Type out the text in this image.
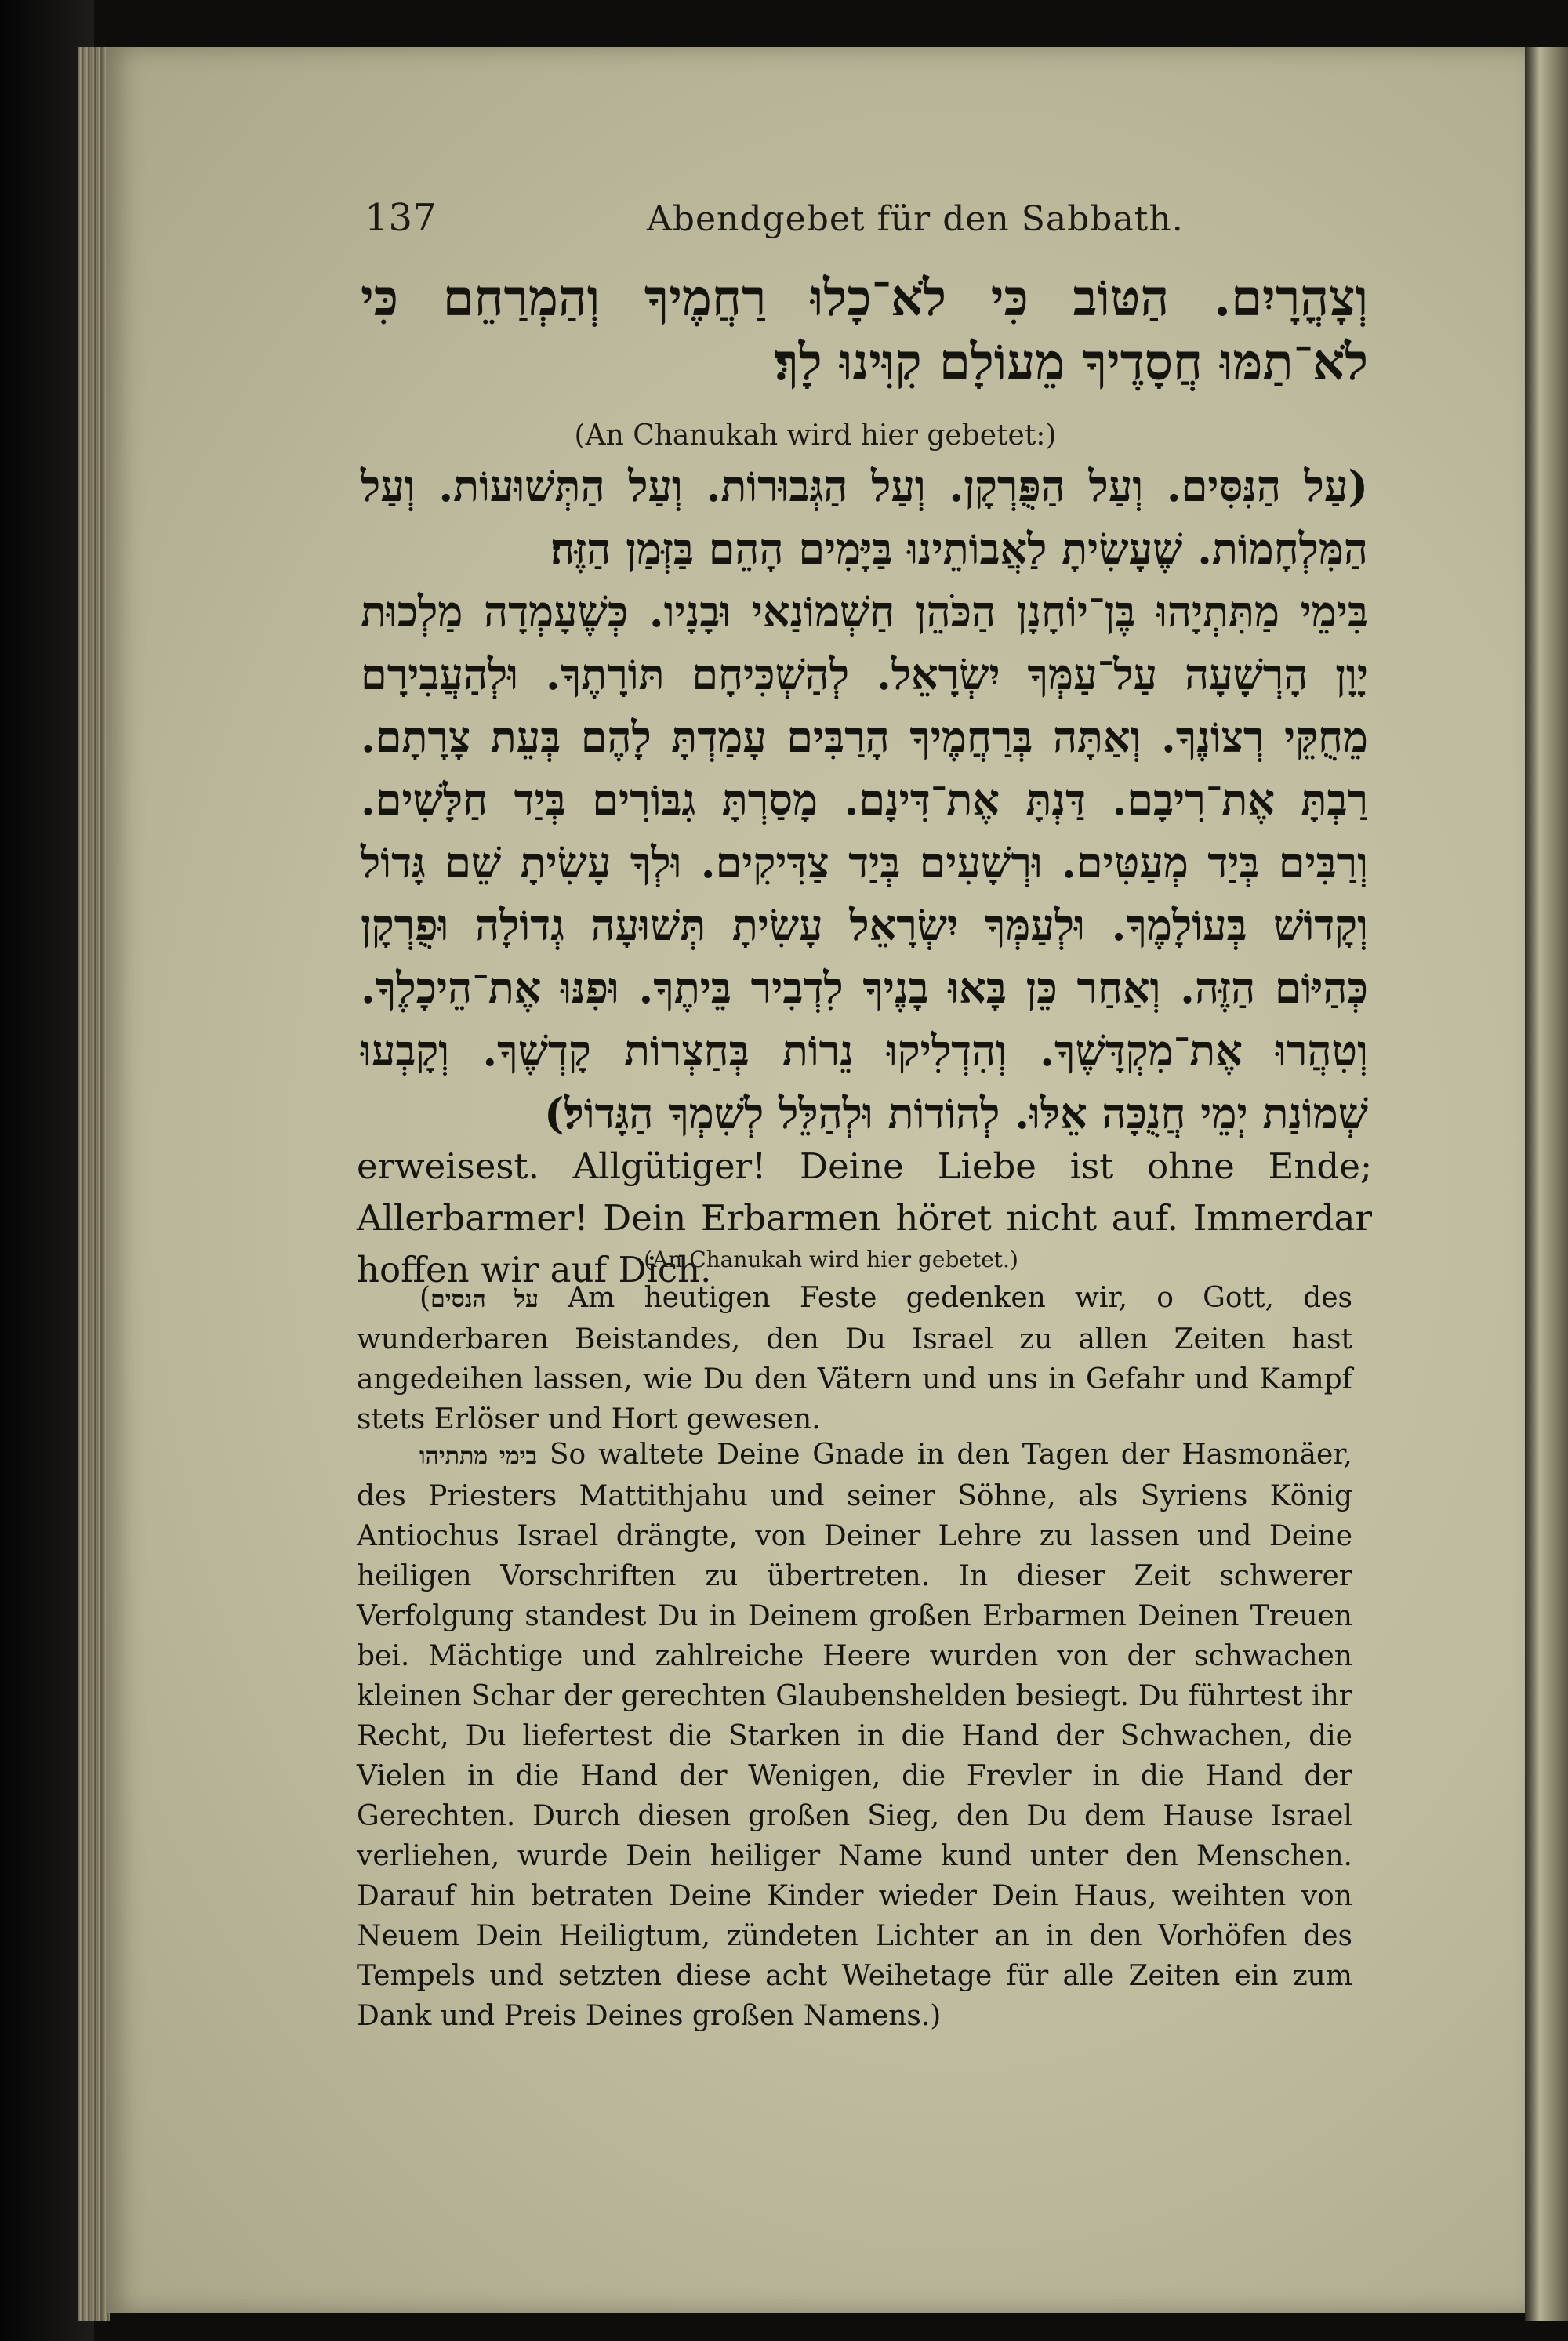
137	Abendgebet für den Sabbath.
וְצָהֳרָיִם. הַטּוֹב כִּי לֹא־כָלוּ רַחֲמֶיךָ וְהַמְרַחֵם כִּי לֹא־תַמּוּ חֲסָדֶיךָ מֵעוֹלָם קִוִּינוּ לָךְ׃
(An Chanukah wird hier gebetet:)
(עַל הַנִּסִּים. וְעַל הַפֻּרְקָן. וְעַל הַגְּבוּרוֹת. וְעַל הַתְּשׁוּעוֹת. וְעַל הַמִּלְחָמוֹת. שֶׁעָשִׂיתָ לַאֲבוֹתֵינוּ בַּיָּמִים הָהֵם בַּזְּמַן הַזֶּה׃
בִּימֵי מַתִּתְיָהוּ בֶּן־יוֹחָנָן הַכֹּהֵן חַשְׁמוֹנַאי וּבָנָיו. כְּשֶׁעָמְדָה מַלְכוּת יָוָן הָרְשָׁעָה עַל־עַמְּךָ יִשְׂרָאֵל. לְהַשְׁכִּיחָם תּוֹרָתֶךָ. וּלְהַעֲבִירָם מֵחֻקֵּי רְצוֹנֶךָ. וְאַתָּה בְּרַחֲמֶיךָ הָרַבִּים עָמַדְתָּ לָהֶם בְּעֵת צָרָתָם. רַבְתָּ אֶת־רִיבָם. דַּנְתָּ אֶת־דִּינָם. מָסַרְתָּ גִבּוֹרִים בְּיַד חַלָּשִׁים. וְרַבִּים בְּיַד מְעַטִּים. וּרְשָׁעִים בְּיַד צַדִּיקִים. וּלְךָ עָשִׂיתָ שֵׁם גָּדוֹל וְקָדוֹשׁ בְּעוֹלָמֶךָ. וּלְעַמְּךָ יִשְׂרָאֵל עָשִׂיתָ תְּשׁוּעָה גְדוֹלָה וּפֻרְקָן כְּהַיּוֹם הַזֶּה. וְאַחַר כֵּן בָּאוּ בָנֶיךָ לִדְבִיר בֵּיתֶךָ. וּפִנּוּ אֶת־הֵיכָלֶךָ. וְטִהֲרוּ אֶת־מִקְדָּשֶׁךָ. וְהִדְלִיקוּ נֵרוֹת בְּחַצְרוֹת קָדְשֶׁךָ. וְקָבְעוּ שְׁמוֹנַת יְמֵי חֲנֻכָּה אֵלּוּ. לְהוֹדוֹת וּלְהַלֵּל לְשִׁמְךָ הַגָּדוֹל׃)
erweisest. Allgütiger! Deine Liebe ist ohne Ende; Allerbarmer! Dein Erbarmen höret nicht auf. Immerdar hoffen wir auf Dich.
(An Chanukah wird hier gebetet.)
(על הנסים Am heutigen Feste gedenken wir, o Gott, des wunderbaren Beistandes, den Du Israel zu allen Zeiten hast angedeihen lassen, wie Du den Vätern und uns in Gefahr und Kampf stets Erlöser und Hort gewesen.
בימי מתתיהו So waltete Deine Gnade in den Tagen der Hasmonäer, des Priesters Mattithjahu und seiner Söhne, als Syriens König Antiochus Israel drängte, von Deiner Lehre zu lassen und Deine heiligen Vorschriften zu übertreten. In dieser Zeit schwerer Verfolgung standest Du in Deinem großen Erbarmen Deinen Treuen bei. Mächtige und zahlreiche Heere wurden von der schwachen kleinen Schar der gerechten Glaubenshelden besiegt. Du führtest ihr Recht, Du liefertest die Starken in die Hand der Schwachen, die Vielen in die Hand der Wenigen, die Frevler in die Hand der Gerechten. Durch diesen großen Sieg, den Du dem Hause Israel verliehen, wurde Dein heiliger Name kund unter den Menschen. Darauf hin betraten Deine Kinder wieder Dein Haus, weihten von Neuem Dein Heiligtum, zündeten Lichter an in den Vorhöfen des Tempels und setzten diese acht Weihetage für alle Zeiten ein zum Dank und Preis Deines großen Namens.)
